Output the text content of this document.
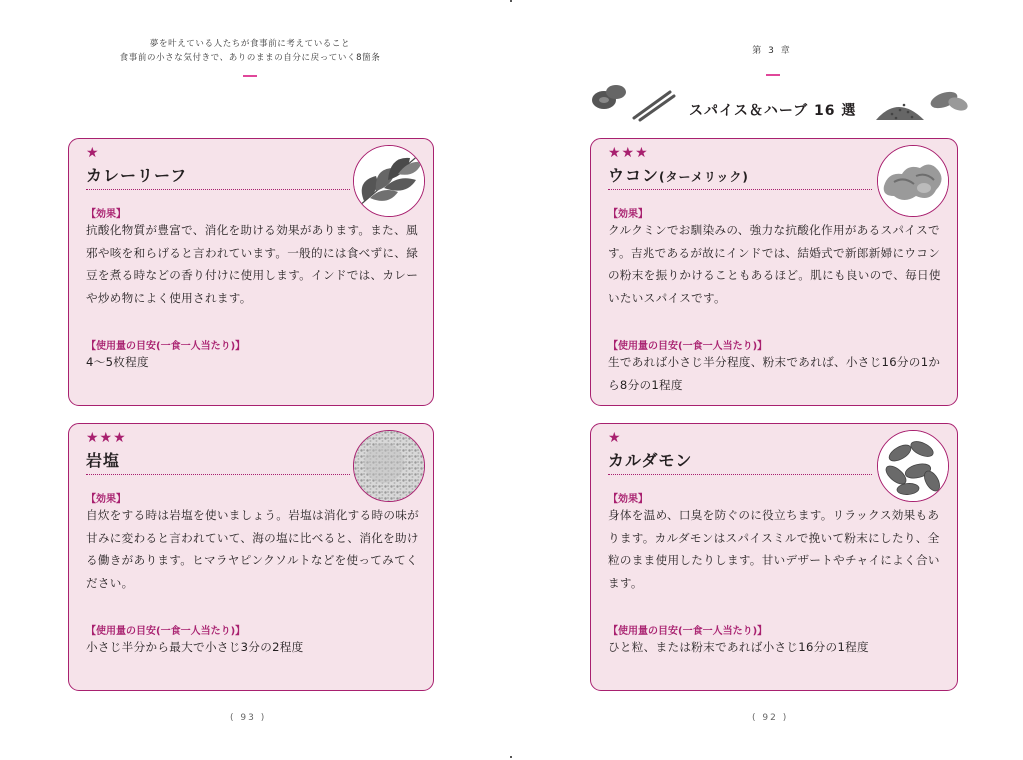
夢を叶えている人たちが食事前に考えていること
食事前の小さな気付きで、ありのままの自分に戻っていく8箇条
★
カレーリーフ
【効果】
抗酸化物質が豊富で、消化を助ける効果があります。また、風邪や咳を和らげると言われています。一般的には食べずに、緑豆を煮る時などの香り付けに使用します。インドでは、カレーや炒め物によく使用されます。
【使用量の目安(一食一人当たり)】
4〜5枚程度
★★★
岩塩
【効果】
自炊をする時は岩塩を使いましょう。岩塩は消化する時の味が甘みに変わると言われていて、海の塩に比べると、消化を助ける働きがあります。ヒマラヤピンクソルトなどを使ってみてください。
【使用量の目安(一食一人当たり)】
小さじ半分から最大で小さじ3分の2程度
( 93 )
第 3 章
スパイス＆ハーブ 16 選
★★★
ウコン(ターメリック)
【効果】
クルクミンでお馴染みの、強力な抗酸化作用があるスパイスです。吉兆であるが故にインドでは、結婚式で新郎新婦にウコンの粉末を振りかけることもあるほど。肌にも良いので、毎日使いたいスパイスです。
【使用量の目安(一食一人当たり)】
生であれば小さじ半分程度、粉末であれば、小さじ16分の1から8分の1程度
★
カルダモン
【効果】
身体を温め、口臭を防ぐのに役立ちます。リラックス効果もあります。カルダモンはスパイスミルで挽いて粉末にしたり、全粒のまま使用したりします。甘いデザートやチャイによく合います。
【使用量の目安(一食一人当たり)】
ひと粒、または粉末であれば小さじ16分の1程度
( 92 )
